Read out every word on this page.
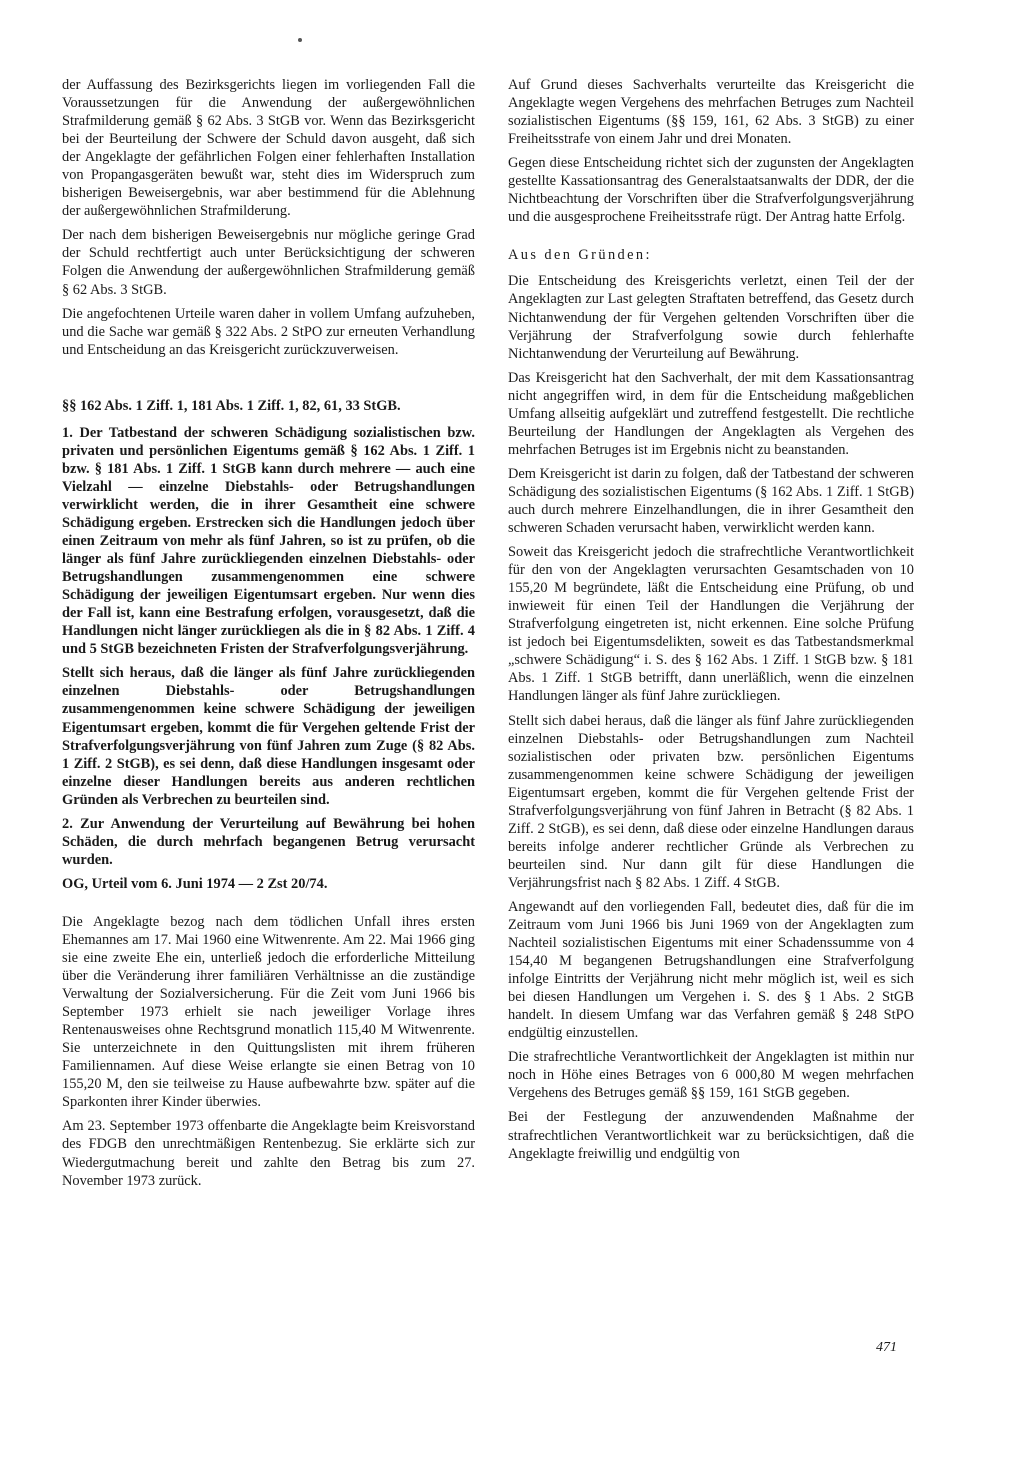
der Auffassung des Bezirksgerichts liegen im vorliegenden Fall die Voraussetzungen für die Anwendung der außergewöhnlichen Strafmilderung gemäß § 62 Abs. 3 StGB vor. Wenn das Bezirksgericht bei der Beurteilung der Schwere der Schuld davon ausgeht, daß sich der Angeklagte der gefährlichen Folgen einer fehlerhaften Installation von Propangasgeräten bewußt war, steht dies im Widerspruch zum bisherigen Beweisergebnis, war aber bestimmend für die Ablehnung der außergewöhnlichen Strafmilderung.

Der nach dem bisherigen Beweisergebnis nur mögliche geringe Grad der Schuld rechtfertigt auch unter Berücksichtigung der schweren Folgen die Anwendung der außergewöhnlichen Strafmilderung gemäß § 62 Abs. 3 StGB.

Die angefochtenen Urteile waren daher in vollem Umfang aufzuheben, und die Sache war gemäß § 322 Abs. 2 StPO zur erneuten Verhandlung und Entscheidung an das Kreisgericht zurückzuverweisen.

§§ 162 Abs. 1 Ziff. 1, 181 Abs. 1 Ziff. 1, 82, 61, 33 StGB.

1. Der Tatbestand der schweren Schädigung sozialistischen bzw. privaten und persönlichen Eigentums gemäß § 162 Abs. 1 Ziff. 1 bzw. § 181 Abs. 1 Ziff. 1 StGB kann durch mehrere — auch eine Vielzahl — einzelne Diebstahls- oder Betrugshandlungen verwirklicht werden, die in ihrer Gesamtheit eine schwere Schädigung ergeben. Erstrecken sich die Handlungen jedoch über einen Zeitraum von mehr als fünf Jahren, so ist zu prüfen, ob die länger als fünf Jahre zurückliegenden einzelnen Diebstahls- oder Betrugshandlungen zusammengenommen eine schwere Schädigung der jeweiligen Eigentumsart ergeben. Nur wenn dies der Fall ist, kann eine Bestrafung erfolgen, vorausgesetzt, daß die Handlungen nicht länger zurückliegen als die in § 82 Abs. 1 Ziff. 4 und 5 StGB bezeichneten Fristen der Strafverfolgungsverjährung.

Stellt sich heraus, daß die länger als fünf Jahre zurückliegenden einzelnen Diebstahls- oder Betrugshandlungen zusammengenommen keine schwere Schädigung der jeweiligen Eigentumsart ergeben, kommt die für Vergehen geltende Frist der Strafverfolgungsverjährung von fünf Jahren zum Zuge (§ 82 Abs. 1 Ziff. 2 StGB), es sei denn, daß diese Handlungen insgesamt oder einzelne dieser Handlungen bereits aus anderen rechtlichen Gründen als Verbrechen zu beurteilen sind.

2. Zur Anwendung der Verurteilung auf Bewährung bei hohen Schäden, die durch mehrfach begangenen Betrug verursacht wurden.

OG, Urteil vom 6. Juni 1974 — 2 Zst 20/74.

Die Angeklagte bezog nach dem tödlichen Unfall ihres ersten Ehemannes am 17. Mai 1960 eine Witwenrente. Am 22. Mai 1966 ging sie eine zweite Ehe ein, unterließ jedoch die erforderliche Mitteilung über die Veränderung ihrer familiären Verhältnisse an die zuständige Verwaltung der Sozialversicherung. Für die Zeit vom Juni 1966 bis September 1973 erhielt sie nach jeweiliger Vorlage ihres Rentenausweises ohne Rechtsgrund monatlich 115,40 M Witwenrente. Sie unterzeichnete in den Quittungslisten mit ihrem früheren Familiennamen. Auf diese Weise erlangte sie einen Betrag von 10 155,20 M, den sie teilweise zu Hause aufbewahrte bzw. später auf die Sparkonten ihrer Kinder überwies.

Am 23. September 1973 offenbarte die Angeklagte beim Kreisvorstand des FDGB den unrechtmäßigen Rentenbezug. Sie erklärte sich zur Wiedergutmachung bereit und zahlte den Betrag bis zum 27. November 1973 zurück.

Auf Grund dieses Sachverhalts verurteilte das Kreisgericht die Angeklagte wegen Vergehens des mehrfachen Betruges zum Nachteil sozialistischen Eigentums (§§ 159, 161, 62 Abs. 3 StGB) zu einer Freiheitsstrafe von einem Jahr und drei Monaten.

Gegen diese Entscheidung richtet sich der zugunsten der Angeklagten gestellte Kassationsantrag des Generalstaatsanwalts der DDR, der die Nichtbeachtung der Vorschriften über die Strafverfolgungsverjährung und die ausgesprochene Freiheitsstrafe rügt. Der Antrag hatte Erfolg.

Aus den Gründen:

Die Entscheidung des Kreisgerichts verletzt, einen Teil der der Angeklagten zur Last gelegten Straftaten betreffend, das Gesetz durch Nichtanwendung der für Vergehen geltenden Vorschriften über die Verjährung der Strafverfolgung sowie durch fehlerhafte Nichtanwendung der Verurteilung auf Bewährung.

Das Kreisgericht hat den Sachverhalt, der mit dem Kassationsantrag nicht angegriffen wird, in dem für die Entscheidung maßgeblichen Umfang allseitig aufgeklärt und zutreffend festgestellt. Die rechtliche Beurteilung der Handlungen der Angeklagten als Vergehen des mehrfachen Betruges ist im Ergebnis nicht zu beanstanden.

Dem Kreisgericht ist darin zu folgen, daß der Tatbestand der schweren Schädigung des sozialistischen Eigentums (§ 162 Abs. 1 Ziff. 1 StGB) auch durch mehrere Einzelhandlungen, die in ihrer Gesamtheit den schweren Schaden verursacht haben, verwirklicht werden kann.

Soweit das Kreisgericht jedoch die strafrechtliche Verantwortlichkeit für den von der Angeklagten verursachten Gesamtschaden von 10 155,20 M begründete, läßt die Entscheidung eine Prüfung, ob und inwieweit für einen Teil der Handlungen die Verjährung der Strafverfolgung eingetreten ist, nicht erkennen. Eine solche Prüfung ist jedoch bei Eigentumsdelikten, soweit es das Tatbestandsmerkmal „schwere Schädigung“ i. S. des § 162 Abs. 1 Ziff. 1 StGB bzw. § 181 Abs. 1 Ziff. 1 StGB betrifft, dann unerläßlich, wenn die einzelnen Handlungen länger als fünf Jahre zurückliegen.

Stellt sich dabei heraus, daß die länger als fünf Jahre zurückliegenden einzelnen Diebstahls- oder Betrugshandlungen zum Nachteil sozialistischen oder privaten bzw. persönlichen Eigentums zusammengenommen keine schwere Schädigung der jeweiligen Eigentumsart ergeben, kommt die für Vergehen geltende Frist der Strafverfolgungsverjährung von fünf Jahren in Betracht (§ 82 Abs. 1 Ziff. 2 StGB), es sei denn, daß diese oder einzelne Handlungen daraus bereits infolge anderer rechtlicher Gründe als Verbrechen zu beurteilen sind. Nur dann gilt für diese Handlungen die Verjährungsfrist nach § 82 Abs. 1 Ziff. 4 StGB.

Angewandt auf den vorliegenden Fall, bedeutet dies, daß für die im Zeitraum vom Juni 1966 bis Juni 1969 von der Angeklagten zum Nachteil sozialistischen Eigentums mit einer Schadenssumme von 4 154,40 M begangenen Betrugshandlungen eine Strafverfolgung infolge Eintritts der Verjährung nicht mehr möglich ist, weil es sich bei diesen Handlungen um Vergehen i. S. des § 1 Abs. 2 StGB handelt. In diesem Umfang war das Verfahren gemäß § 248 StPO endgültig einzustellen.

Die strafrechtliche Verantwortlichkeit der Angeklagten ist mithin nur noch in Höhe eines Betrages von 6 000,80 M wegen mehrfachen Vergehens des Betruges gemäß §§ 159, 161 StGB gegeben.

Bei der Festlegung der anzuwendenden Maßnahme der strafrechtlichen Verantwortlichkeit war zu berücksichtigen, daß die Angeklagte freiwillig und endgültig von

471
